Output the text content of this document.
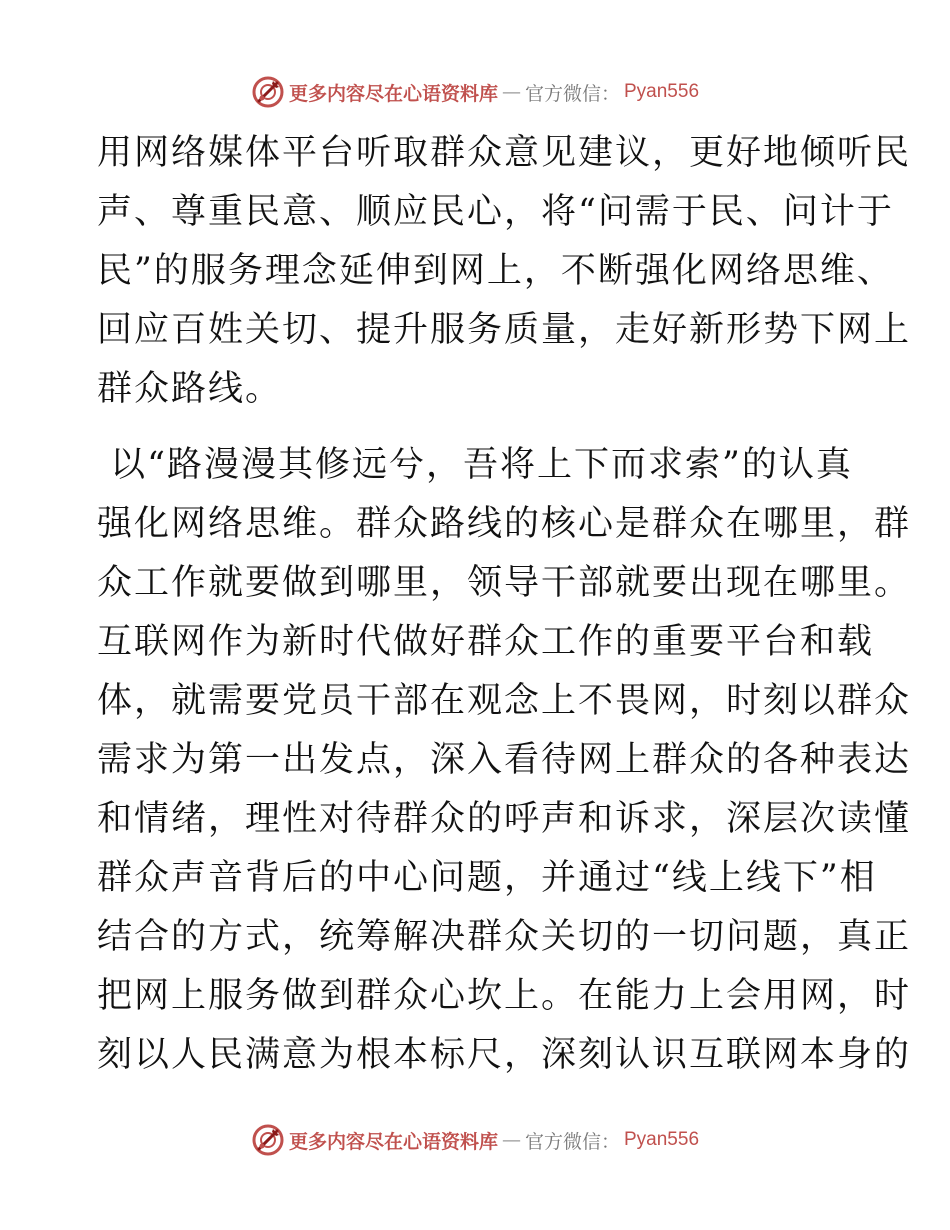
更多内容尽在心语资料库 — 官方微信： Pyan556
用网络媒体平台听取群众意见建议，更好地倾听民
声、尊重民意、顺应民心，将“问需于民、问计于
民”的服务理念延伸到网上，不断强化网络思维、
回应百姓关切、提升服务质量，走好新形势下网上
群众路线。
以“路漫漫其修远兮，吾将上下而求索”的认真
强化网络思维。群众路线的核心是群众在哪里，群
众工作就要做到哪里，领导干部就要出现在哪里。
互联网作为新时代做好群众工作的重要平台和载
体，就需要党员干部在观念上不畏网，时刻以群众
需求为第一出发点，深入看待网上群众的各种表达
和情绪，理性对待群众的呼声和诉求，深层次读懂
群众声音背后的中心问题，并通过“线上线下”相
结合的方式，统筹解决群众关切的一切问题，真正
把网上服务做到群众心坎上。在能力上会用网，时
刻以人民满意为根本标尺，深刻认识互联网本身的
更多内容尽在心语资料库 — 官方微信： Pyan556
